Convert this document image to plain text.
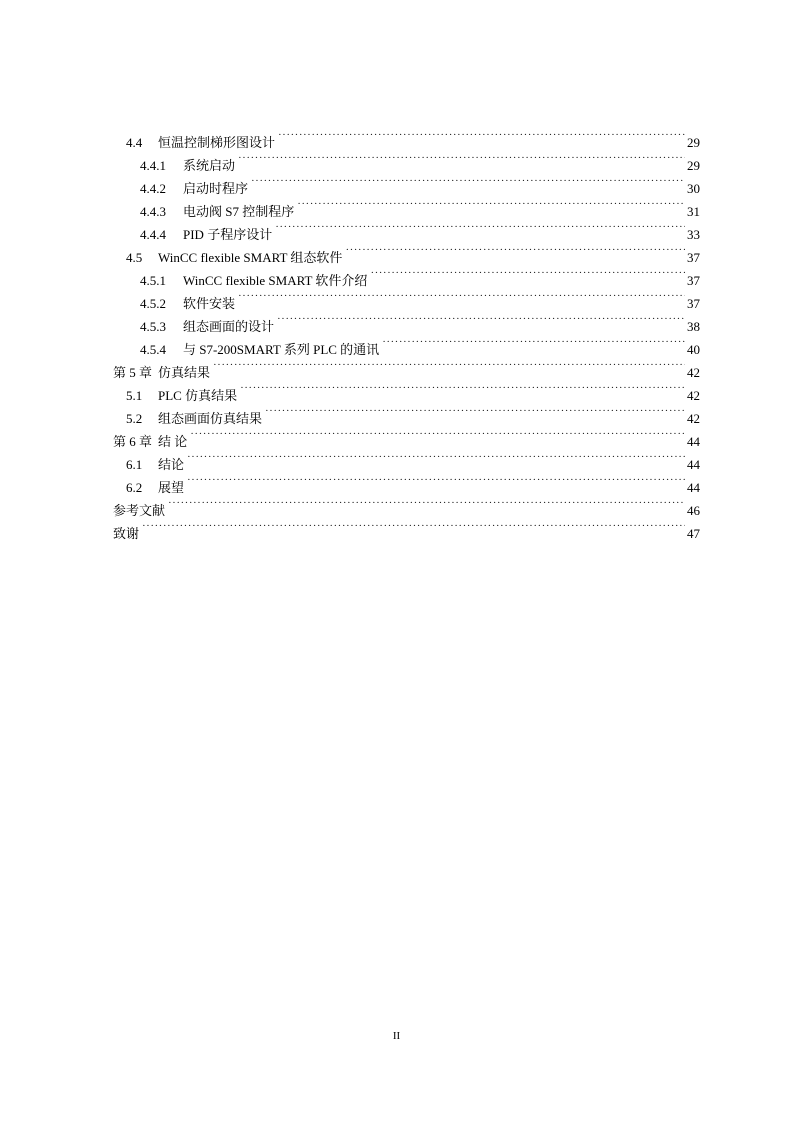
4.4	恒温控制梯形图设计 ·····	29
4.4.1	系统启动 ·····	29
4.4.2	启动时程序 ·····	30
4.4.3	电动阀 S7 控制程序 ·····	31
4.4.4	PID 子程序设计 ·····	33
4.5	WinCC flexible SMART 组态软件 ·····	37
4.5.1	WinCC flexible SMART 软件介绍 ·····	37
4.5.2	软件安装 ·····	37
4.5.3	组态画面的设计 ·····	38
4.5.4	与 S7-200SMART 系列 PLC 的通讯 ·····	40
第 5 章 仿真结果 ·····	42
5.1	PLC 仿真结果 ·····	42
5.2	组态画面仿真结果 ·····	42
第 6 章 结 论 ·····	44
6.1	结论 ·····	44
6.2	展望 ·····	44
参考文献 ·····	46
致谢 ·····	47
II
